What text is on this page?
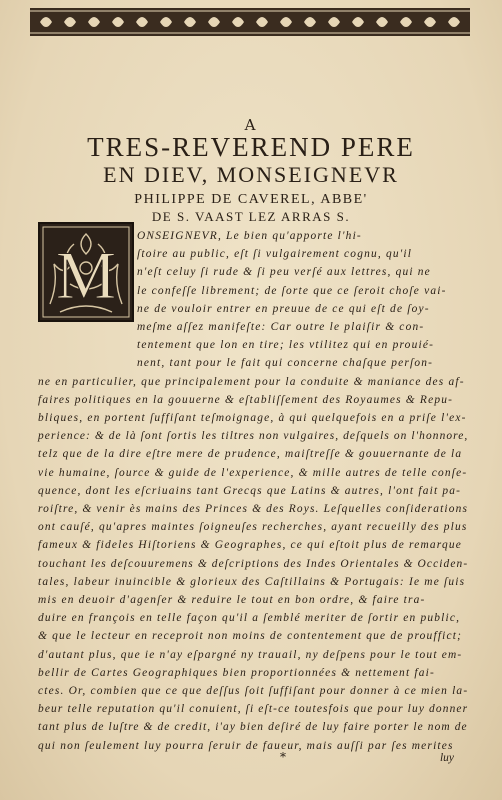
A
TRES-REVEREND PERE
EN DIEV, MONSEIGNEVR
PHILIPPE DE CAVEREL, ABBE'
DE S. VAAST LEZ ARRAS S.
M
ONSEIGNEVR, Le bien qu'apporte l'hi-
ſtoire au public, eſt ſi vulgairement cognu, qu'il
n'eſt celuy ſi rude & ſi peu verſé aux lettres, qui ne
le confeſſe librement; de ſorte que ce ſeroit choſe vai-
ne de vouloir entrer en preuue de ce qui eſt de ſoy-
meſme aſſez manifeſte: Car outre le plaiſir & con-
tentement que lon en tire; les vtilitez qui en prouié-
nent, tant pour le fait qui concerne chaſque perſon-
ne en particulier, que principalement pour la conduite & maniance des af-
faires politiques en la gouuerne & eſtabliſſement des Royaumes & Repu-
bliques, en portent ſuffiſant teſmoignage, à qui quelquefois en a priſe l'ex-
perience: & de là ſont ſortis les tiltres non vulgaires, deſquels on l'honnore,
telz que de la dire eſtre mere de prudence, maiſtreſſe & gouuernante de la
vie humaine, ſource & guide de l'experience, & mille autres de telle conſe-
quence, dont les eſcriuains tant Grecqs que Latins & autres, l'ont fait pa-
roiſtre, & venir ès mains des Princes & des Roys. Leſquelles conſiderations
ont cauſé, qu'apres maintes ſoigneuſes recherches, ayant recueilly des plus
fameux & fideles Hiſtoriens & Geographes, ce qui eſtoit plus de remarque
touchant les deſcouuremens & deſcriptions des Indes Orientales & Occiden-
tales, labeur inuincible & glorieux des Caſtillains & Portugais: Ie me ſuis
mis en deuoir d'agenſer & reduire le tout en bon ordre, & faire tra-
duire en françois en telle façon qu'il a ſemblé meriter de ſortir en public,
& que le lecteur en receproit non moins de contentement que de prouffict;
d'autant plus, que ie n'ay eſpargné ny trauail, ny deſpens pour le tout em-
bellir de Cartes Geographiques bien proportionnées & nettement fai-
ctes. Or, combien que ce que deſſus ſoit ſuffiſant pour donner à ce mien la-
beur telle reputation qu'il conuient, ſi eſt-ce toutesfois que pour luy donner
tant plus de luſtre & de credit, i'ay bien deſiré de luy faire porter le nom de
qui non ſeulement luy pourra ſeruir de faueur, mais auſſi par ſes merites
*	luy
